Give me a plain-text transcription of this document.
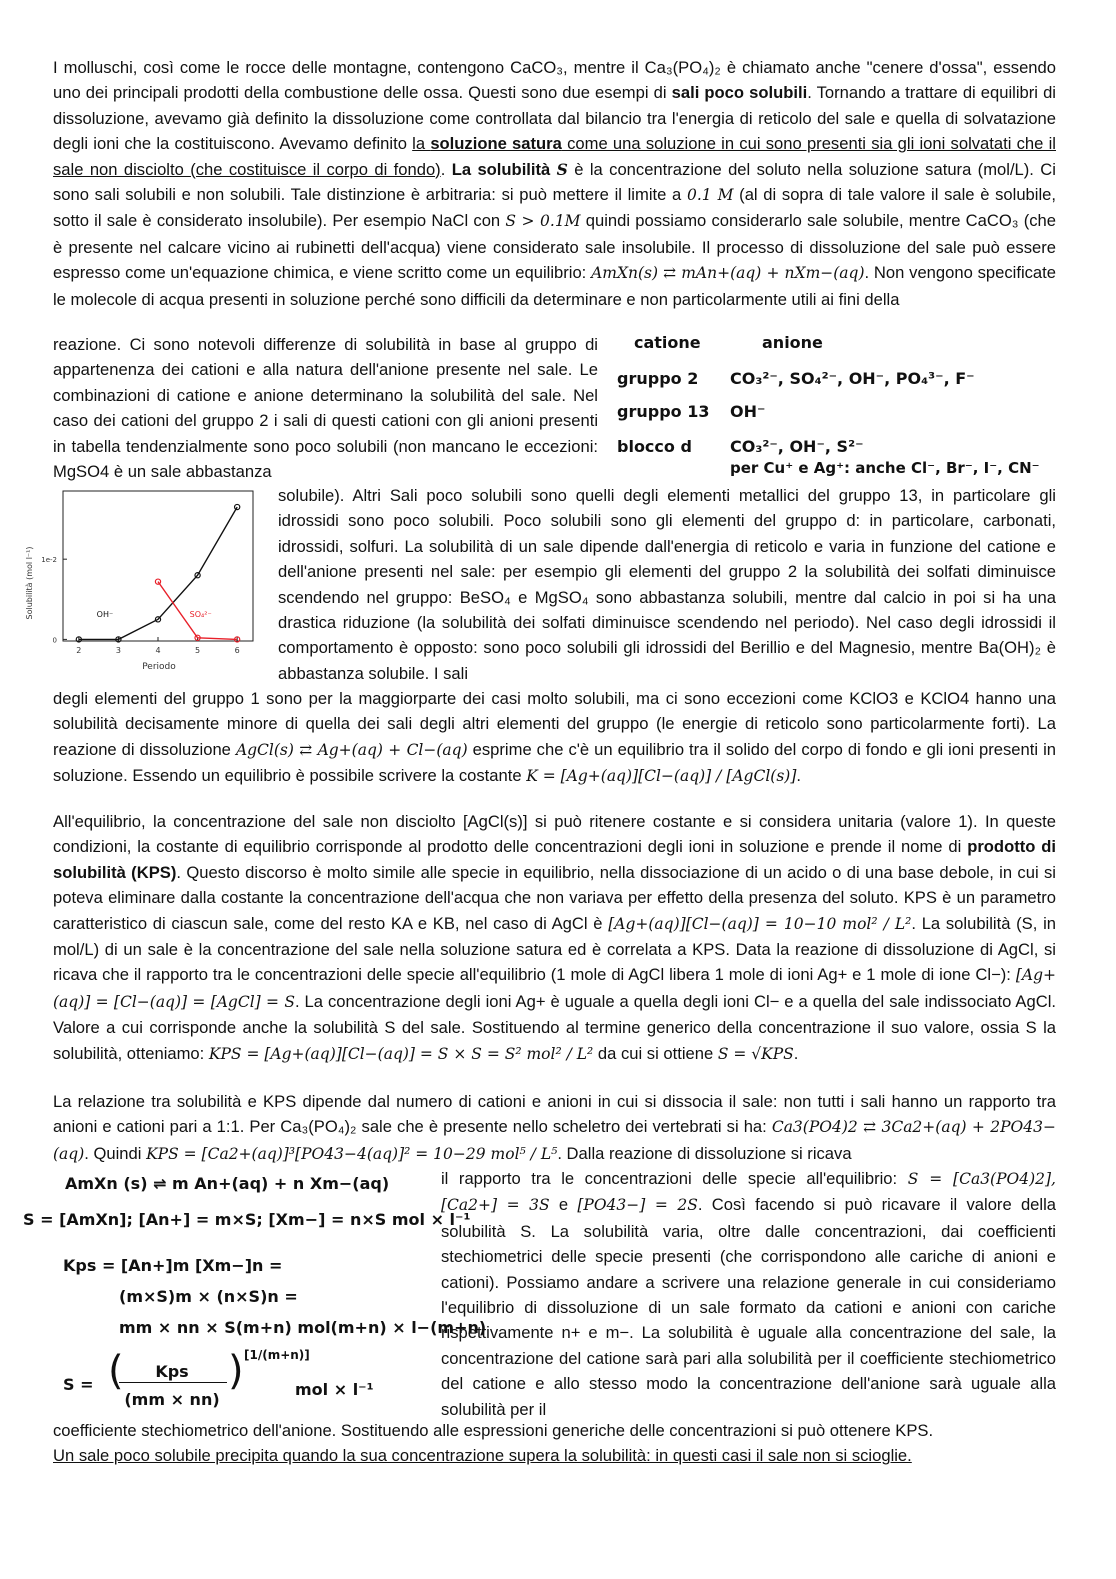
I molluschi, così come le rocce delle montagne, contengono CaCO₃, mentre il Ca₃(PO₄)₂ è chiamato anche "cenere d'ossa", essendo uno dei principali prodotti della combustione delle ossa. Questi sono due esempi di sali poco solubili. Tornando a trattare di equilibri di dissoluzione, avevamo già definito la dissoluzione come controllata dal bilancio tra l'energia di reticolo del sale e quella di solvatazione degli ioni che la costituiscono. Avevamo definito la soluzione satura come una soluzione in cui sono presenti sia gli ioni solvatati che il sale non disciolto (che costituisce il corpo di fondo). La solubilità S è la concentrazione del soluto nella soluzione satura (mol/L). Ci sono sali solubili e non solubili. Tale distinzione è arbitraria: si può mettere il limite a 0.1 M (al di sopra di tale valore il sale è solubile, sotto il sale è considerato insolubile). Per esempio NaCl con S > 0.1M quindi possiamo considerarlo sale solubile, mentre CaCO₃ (che è presente nel calcare vicino ai rubinetti dell'acqua) viene considerato sale insolubile. Il processo di dissoluzione del sale può essere espresso come un'equazione chimica, e viene scritto come un equilibrio: AmXn(s) ⇄ mAn+(aq) + nXm−(aq). Non vengono specificate le molecole di acqua presenti in soluzione perché sono difficili da determinare e non particolarmente utili ai fini della

reazione. Ci sono notevoli differenze di solubilità in base al gruppo di appartenenza dei cationi e alla natura dell'anione presente nel sale. Le combinazioni di catione e anione determinano la solubilità del sale. Nel caso dei cationi del gruppo 2 i sali di questi cationi con gli anioni presenti in tabella tendenzialmente sono poco solubili (non mancano le eccezioni: MgSO4 è un sale abbastanza

catione	anione
gruppo 2 CO₃²⁻, SO₄²⁻, OH⁻, PO₄³⁻, F⁻
gruppo 13 OH⁻
blocco d CO₃²⁻, OH⁻, S²⁻
per Cu⁺ e Ag⁺: anche Cl⁻, Br⁻, I⁻, CN⁻
Solubilità (mol l⁻¹)
Periodo
2	3	4	5	6
0
1e-2
OH⁻	SO₄²⁻

solubile). Altri Sali poco solubili sono quelli degli elementi metallici del gruppo 13, in particolare gli idrossidi sono poco solubili. Poco solubili sono gli elementi del gruppo d: in particolare, carbonati, idrossidi, solfuri. La solubilità di un sale dipende dall'energia di reticolo e varia in funzione del catione e dell'anione presenti nel sale: per esempio gli elementi del gruppo 2 la solubilità dei solfati diminuisce scendendo nel gruppo: BeSO₄ e MgSO₄ sono abbastanza solubili, mentre dal calcio in poi si ha una drastica riduzione (la solubilità dei solfati diminuisce scendendo nel periodo). Nel caso degli idrossidi il comportamento è opposto: sono poco solubili gli idrossidi del Berillio e del Magnesio, mentre Ba(OH)₂ è abbastanza solubile. I sali

degli elementi del gruppo 1 sono per la maggiorparte dei casi molto solubili, ma ci sono eccezioni come KClO3 e KClO4 hanno una solubilità decisamente minore di quella dei sali degli altri elementi del gruppo (le energie di reticolo sono particolarmente forti). La reazione di dissoluzione AgCl(s) ⇄ Ag+(aq) + Cl−(aq) esprime che c'è un equilibrio tra il solido del corpo di fondo e gli ioni presenti in soluzione. Essendo un equilibrio è possibile scrivere la costante K = [Ag+(aq)][Cl−(aq)] / [AgCl(s)].

All'equilibrio, la concentrazione del sale non disciolto [AgCl(s)] si può ritenere costante e si considera unitaria (valore 1). In queste condizioni, la costante di equilibrio corrisponde al prodotto delle concentrazioni degli ioni in soluzione e prende il nome di prodotto di solubilità (KPS). Questo discorso è molto simile alle specie in equilibrio, nella dissociazione di un acido o di una base debole, in cui si poteva eliminare dalla costante la concentrazione dell'acqua che non variava per effetto della presenza del soluto. KPS è un parametro caratteristico di ciascun sale, come del resto KA e KB, nel caso di AgCl è [Ag+(aq)][Cl−(aq)] = 10−10 mol² / L². La solubilità (S, in mol/L) di un sale è la concentrazione del sale nella soluzione satura ed è correlata a KPS. Data la reazione di dissoluzione di AgCl, si ricava che il rapporto tra le concentrazioni delle specie all'equilibrio (1 mole di AgCl libera 1 mole di ioni Ag+ e 1 mole di ione Cl−): [Ag+(aq)] = [Cl−(aq)] = [AgCl] = S. La concentrazione degli ioni Ag+ è uguale a quella degli ioni Cl− e a quella del sale indissociato AgCl. Valore a cui corrisponde anche la solubilità S del sale. Sostituendo al termine generico della concentrazione il suo valore, ossia S la solubilità, otteniamo: KPS = [Ag+(aq)][Cl−(aq)] = S × S = S² mol² / L² da cui si ottiene S = √KPS.

La relazione tra solubilità e KPS dipende dal numero di cationi e anioni in cui si dissocia il sale: non tutti i sali hanno un rapporto tra anioni e cationi pari a 1:1. Per Ca₃(PO₄)₂ sale che è presente nello scheletro dei vertebrati si ha: Ca3(PO4)2 ⇄ 3Ca2+(aq) + 2PO43−(aq). Quindi KPS = [Ca2+(aq)]³[PO43−4(aq)]² = 10−29 mol⁵ / L⁵. Dalla reazione di dissoluzione si ricava

AmXn (s) ⇌ m An+(aq) + n Xm−(aq)
S = [AmXn]; [An+] = m×S; [Xm−] = n×S mol × l⁻¹
Kps = [An+]m [Xm−]n =
(m×S)m × (n×S)n =
mm × nn × S(m+n) mol(m+n) × l−(m+n)
S = (	Kps
(mm × nn)
) [1/(m+n)]
mol × l⁻¹

il rapporto tra le concentrazioni delle specie all'equilibrio: S = [Ca3(PO4)2], [Ca2+] = 3S e [PO43−] = 2S. Così facendo si può ricavare il valore della solubilità S. La solubilità varia, oltre dalle concentrazioni, dai coefficienti stechiometrici delle specie presenti (che corrispondono alle cariche di anioni e cationi). Possiamo andare a scrivere una relazione generale in cui consideriamo l'equilibrio di dissoluzione di un sale formato da cationi e anioni con cariche rispettivamente n+ e m−. La solubilità è uguale alla concentrazione del sale, la concentrazione del catione sarà pari alla solubilità per il coefficiente stechiometrico del catione e allo stesso modo la concentrazione dell'anione sarà uguale alla solubilità per il

coefficiente stechiometrico dell'anione. Sostituendo alle espressioni generiche delle concentrazioni si può ottenere KPS.
Un sale poco solubile precipita quando la sua concentrazione supera la solubilità: in questi casi il sale non si scioglie.
